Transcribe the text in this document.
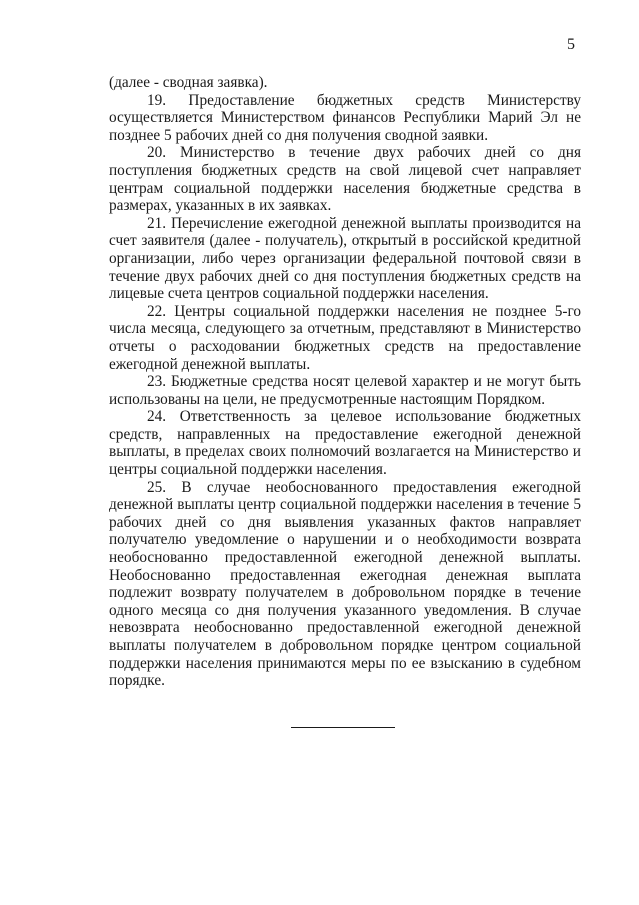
5

(далее - сводная заявка).

19. Предоставление бюджетных средств Министерству осуществляется Министерством финансов Республики Марий Эл не позднее 5 рабочих дней со дня получения сводной заявки.

20. Министерство в течение двух рабочих дней со дня поступления бюджетных средств на свой лицевой счет направляет центрам социальной поддержки населения бюджетные средства в размерах, указанных в их заявках.

21. Перечисление ежегодной денежной выплаты производится на счет заявителя (далее - получатель), открытый в российской кредитной организации, либо через организации федеральной почтовой связи в течение двух рабочих дней со дня поступления бюджетных средств на лицевые счета центров социальной поддержки населения.

22. Центры социальной поддержки населения не позднее 5-го числа месяца, следующего за отчетным, представляют в Министерство отчеты о расходовании бюджетных средств на предоставление ежегодной денежной выплаты.

23. Бюджетные средства носят целевой характер и не могут быть использованы на цели, не предусмотренные настоящим Порядком.

24. Ответственность за целевое использование бюджетных средств, направленных на предоставление ежегодной денежной выплаты, в пределах своих полномочий возлагается на Министерство и центры социальной поддержки населения.

25. В случае необоснованного предоставления ежегодной денежной выплаты центр социальной поддержки населения в течение 5 рабочих дней со дня выявления указанных фактов направляет получателю уведомление о нарушении и о необходимости возврата необоснованно предоставленной ежегодной денежной выплаты. Необоснованно предоставленная ежегодная денежная выплата подлежит возврату получателем в добровольном порядке в течение одного месяца со дня получения указанного уведомления. В случае невозврата необоснованно предоставленной ежегодной денежной выплаты получателем в добровольном порядке центром социальной поддержки населения принимаются меры по ее взысканию в судебном порядке.
